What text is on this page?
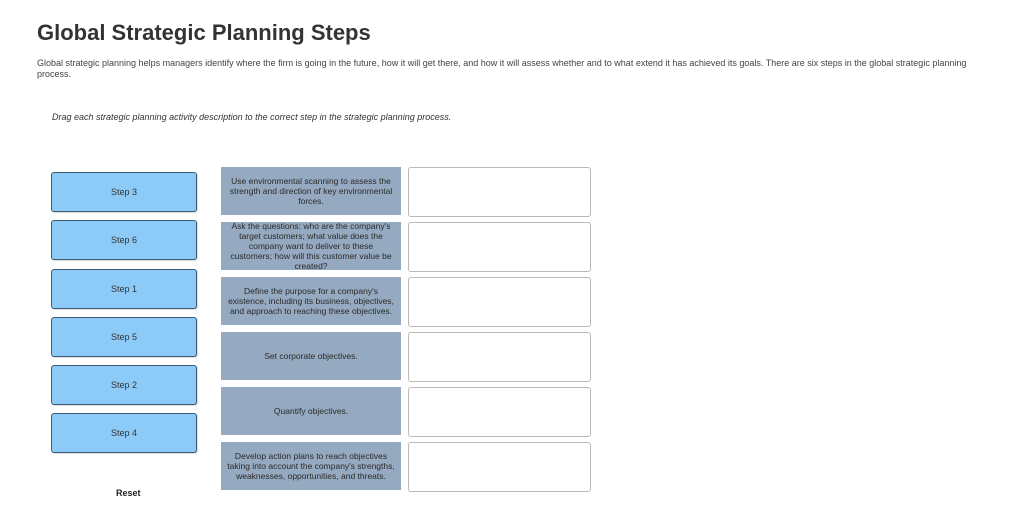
Global Strategic Planning Steps
Global strategic planning helps managers identify where the firm is going in the future, how it will get there, and how it will assess whether and to what extend it has achieved its goals. There are six steps in the global strategic planning process.
Drag each strategic planning activity description to the correct step in the strategic planning process.
Step 3
Step 6
Step 1
Step 5
Step 2
Step 4
Use environmental scanning to assess the strength and direction of key environmental forces.
Ask the questions: who are the company's target customers; what value does the company want to deliver to these customers; how will this customer value be created?
Define the purpose for a company's existence, including its business, objectives, and approach to reaching these objectives.
Set corporate objectives.
Quantify objectives.
Develop action plans to reach objectives taking into account the company's strengths, weaknesses, opportunities, and threats.
Reset
